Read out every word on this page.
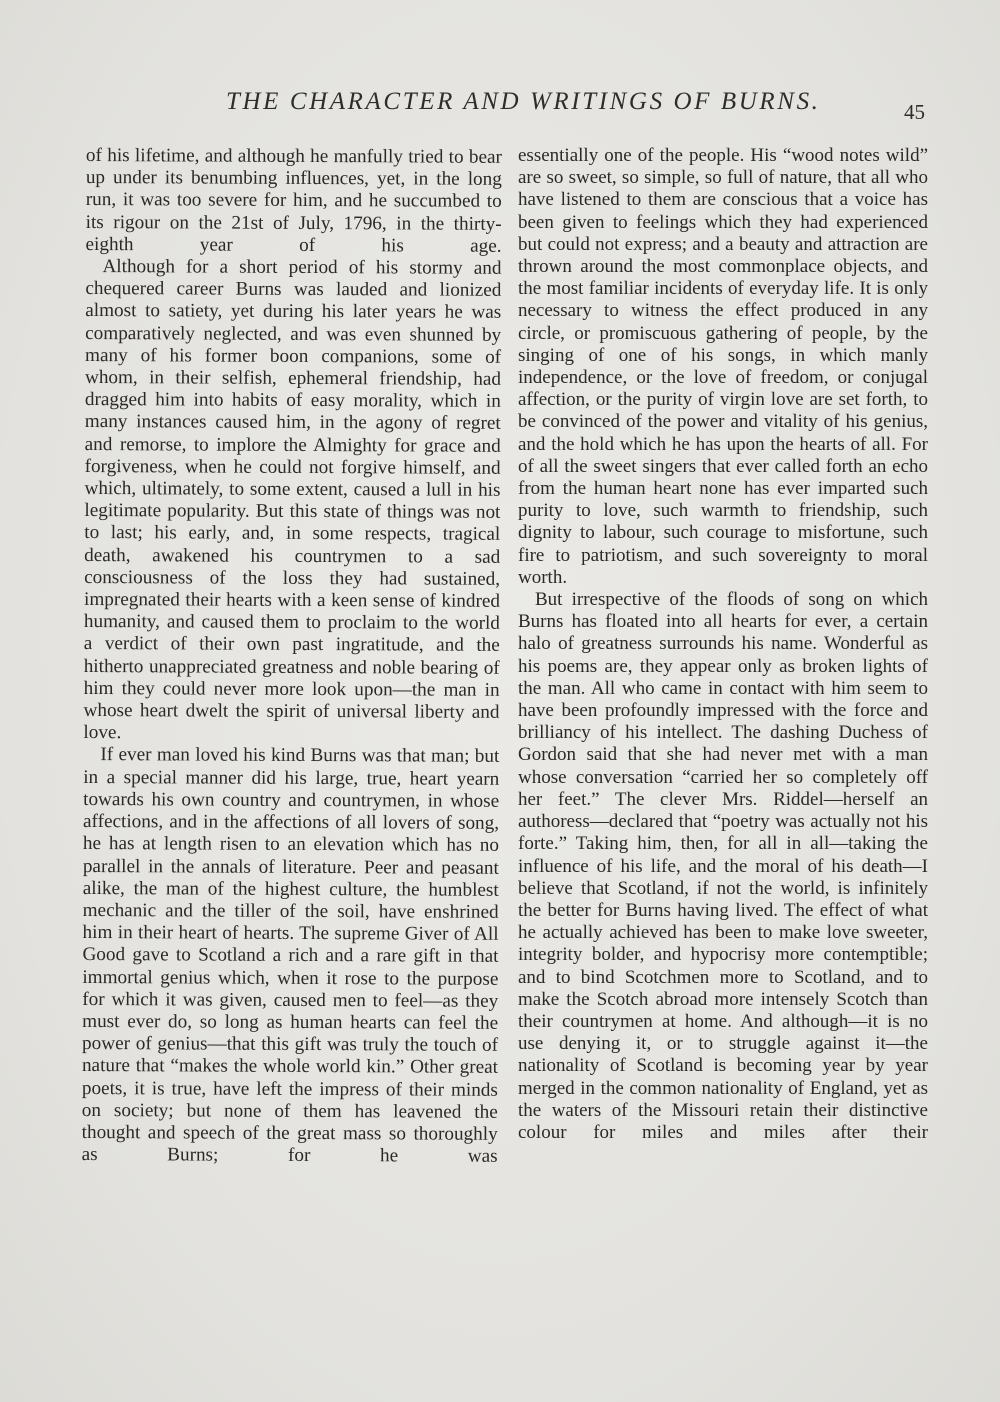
THE CHARACTER AND WRITINGS OF BURNS.	45

of his lifetime, and although he manfully tried to bear up under its benumbing influences, yet, in the long run, it was too severe for him, and he succumbed to its rigour on the 21st of July, 1796, in the thirty-eighth year of his age.

Although for a short period of his stormy and chequered career Burns was lauded and lionized almost to satiety, yet during his later years he was comparatively neglected, and was even shunned by many of his former boon companions, some of whom, in their selfish, ephemeral friendship, had dragged him into habits of easy morality, which in many instances caused him, in the agony of regret and remorse, to implore the Almighty for grace and forgiveness, when he could not forgive himself, and which, ultimately, to some extent, caused a lull in his legitimate popularity. But this state of things was not to last; his early, and, in some respects, tragical death, awakened his countrymen to a sad consciousness of the loss they had sustained, impregnated their hearts with a keen sense of kindred humanity, and caused them to proclaim to the world a verdict of their own past ingratitude, and the hitherto unappreciated greatness and noble bearing of him they could never more look upon—the man in whose heart dwelt the spirit of universal liberty and love.

If ever man loved his kind Burns was that man; but in a special manner did his large, true, heart yearn towards his own country and countrymen, in whose affections, and in the affections of all lovers of song, he has at length risen to an elevation which has no parallel in the annals of literature. Peer and peasant alike, the man of the highest culture, the humblest mechanic and the tiller of the soil, have enshrined him in their heart of hearts. The supreme Giver of All Good gave to Scotland a rich and a rare gift in that immortal genius which, when it rose to the purpose for which it was given, caused men to feel—as they must ever do, so long as human hearts can feel the power of genius—that this gift was truly the touch of nature that “makes the whole world kin.” Other great poets, it is true, have left the impress of their minds on society; but none of them has leavened the thought and speech of the great mass so thoroughly as Burns; for he was

essentially one of the people. His “wood notes wild” are so sweet, so simple, so full of nature, that all who have listened to them are conscious that a voice has been given to feelings which they had experienced but could not express; and a beauty and attraction are thrown around the most commonplace objects, and the most familiar incidents of everyday life. It is only necessary to witness the effect produced in any circle, or promiscuous gathering of people, by the singing of one of his songs, in which manly independence, or the love of freedom, or conjugal affection, or the purity of virgin love are set forth, to be convinced of the power and vitality of his genius, and the hold which he has upon the hearts of all. For of all the sweet singers that ever called forth an echo from the human heart none has ever imparted such purity to love, such warmth to friendship, such dignity to labour, such courage to misfortune, such fire to patriotism, and such sovereignty to moral worth.

But irrespective of the floods of song on which Burns has floated into all hearts for ever, a certain halo of greatness surrounds his name. Wonderful as his poems are, they appear only as broken lights of the man. All who came in contact with him seem to have been profoundly impressed with the force and brilliancy of his intellect. The dashing Duchess of Gordon said that she had never met with a man whose conversation “carried her so completely off her feet.” The clever Mrs. Riddel—herself an authoress—declared that “poetry was actually not his forte.” Taking him, then, for all in all—taking the influence of his life, and the moral of his death—I believe that Scotland, if not the world, is infinitely the better for Burns having lived. The effect of what he actually achieved has been to make love sweeter, integrity bolder, and hypocrisy more contemptible; and to bind Scotchmen more to Scotland, and to make the Scotch abroad more intensely Scotch than their countrymen at home. And although—it is no use denying it, or to struggle against it—the nationality of Scotland is becoming year by year merged in the common nationality of England, yet as the waters of the Missouri retain their distinctive colour for miles and miles after their
